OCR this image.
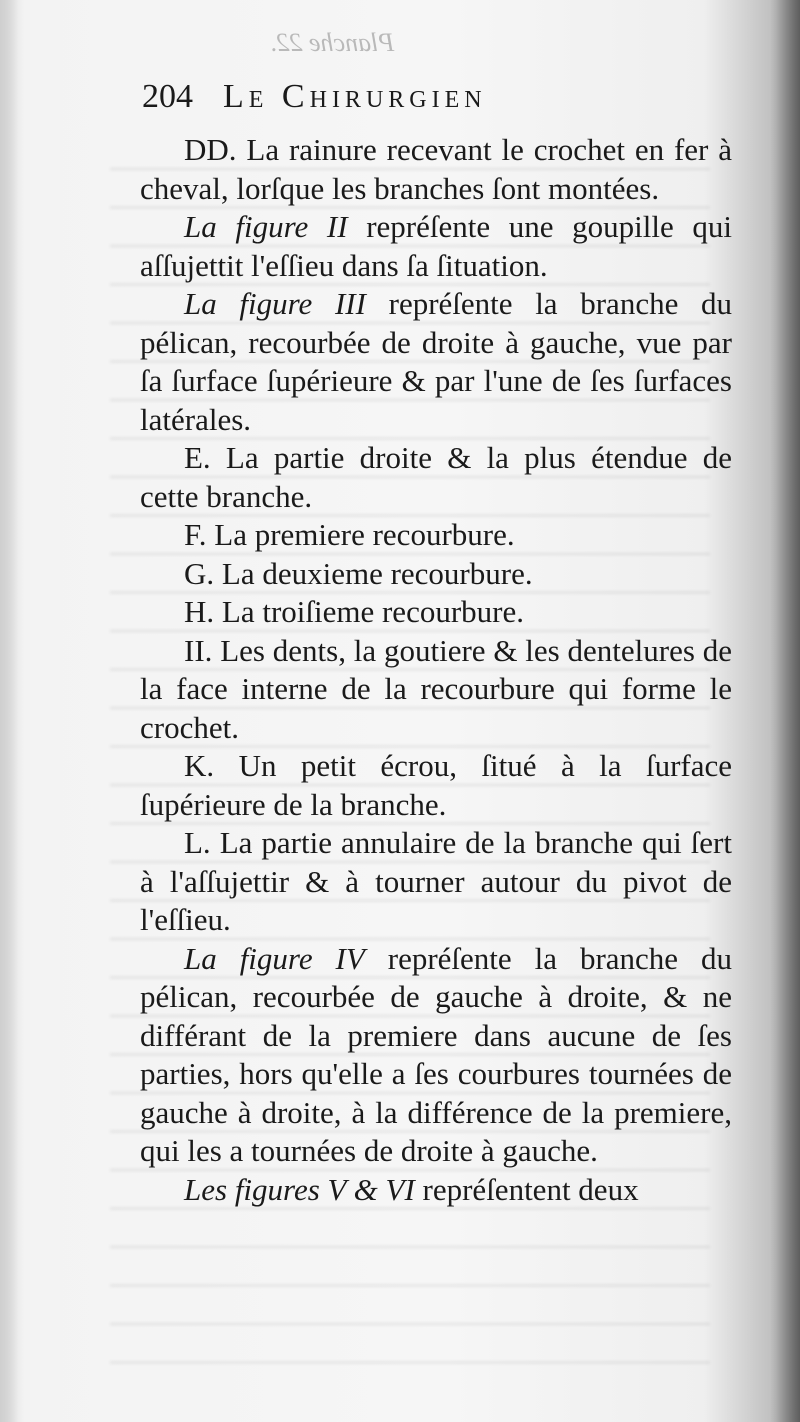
Planche 22.
204 Le Chirurgien

DD. La rainure recevant le crochet en fer à cheval, lorſque les branches ſont montées.

La figure II repréſente une goupille qui aſſujettit l'eſſieu dans ſa ſituation.

La figure III repréſente la branche du pélican, recourbée de droite à gauche, vue par ſa ſurface ſupérieure & par l'une de ſes ſurfaces latérales.

E. La partie droite & la plus étendue de cette branche.

F. La premiere recourbure.

G. La deuxieme recourbure.

H. La troiſieme recourbure.

II. Les dents, la goutiere & les dentelures de la face interne de la recourbure qui forme le crochet.

K. Un petit écrou, ſitué à la ſurface ſupérieure de la branche.

L. La partie annulaire de la branche qui ſert à l'aſſujettir & à tourner autour du pivot de l'eſſieu.

La figure IV repréſente la branche du pélican, recourbée de gauche à droite, & ne différant de la premiere dans aucune de ſes parties, hors qu'elle a ſes courbures tournées de gauche à droite, à la différence de la premiere, qui les a tournées de droite à gauche.

Les figures V & VI repréſentent deux
